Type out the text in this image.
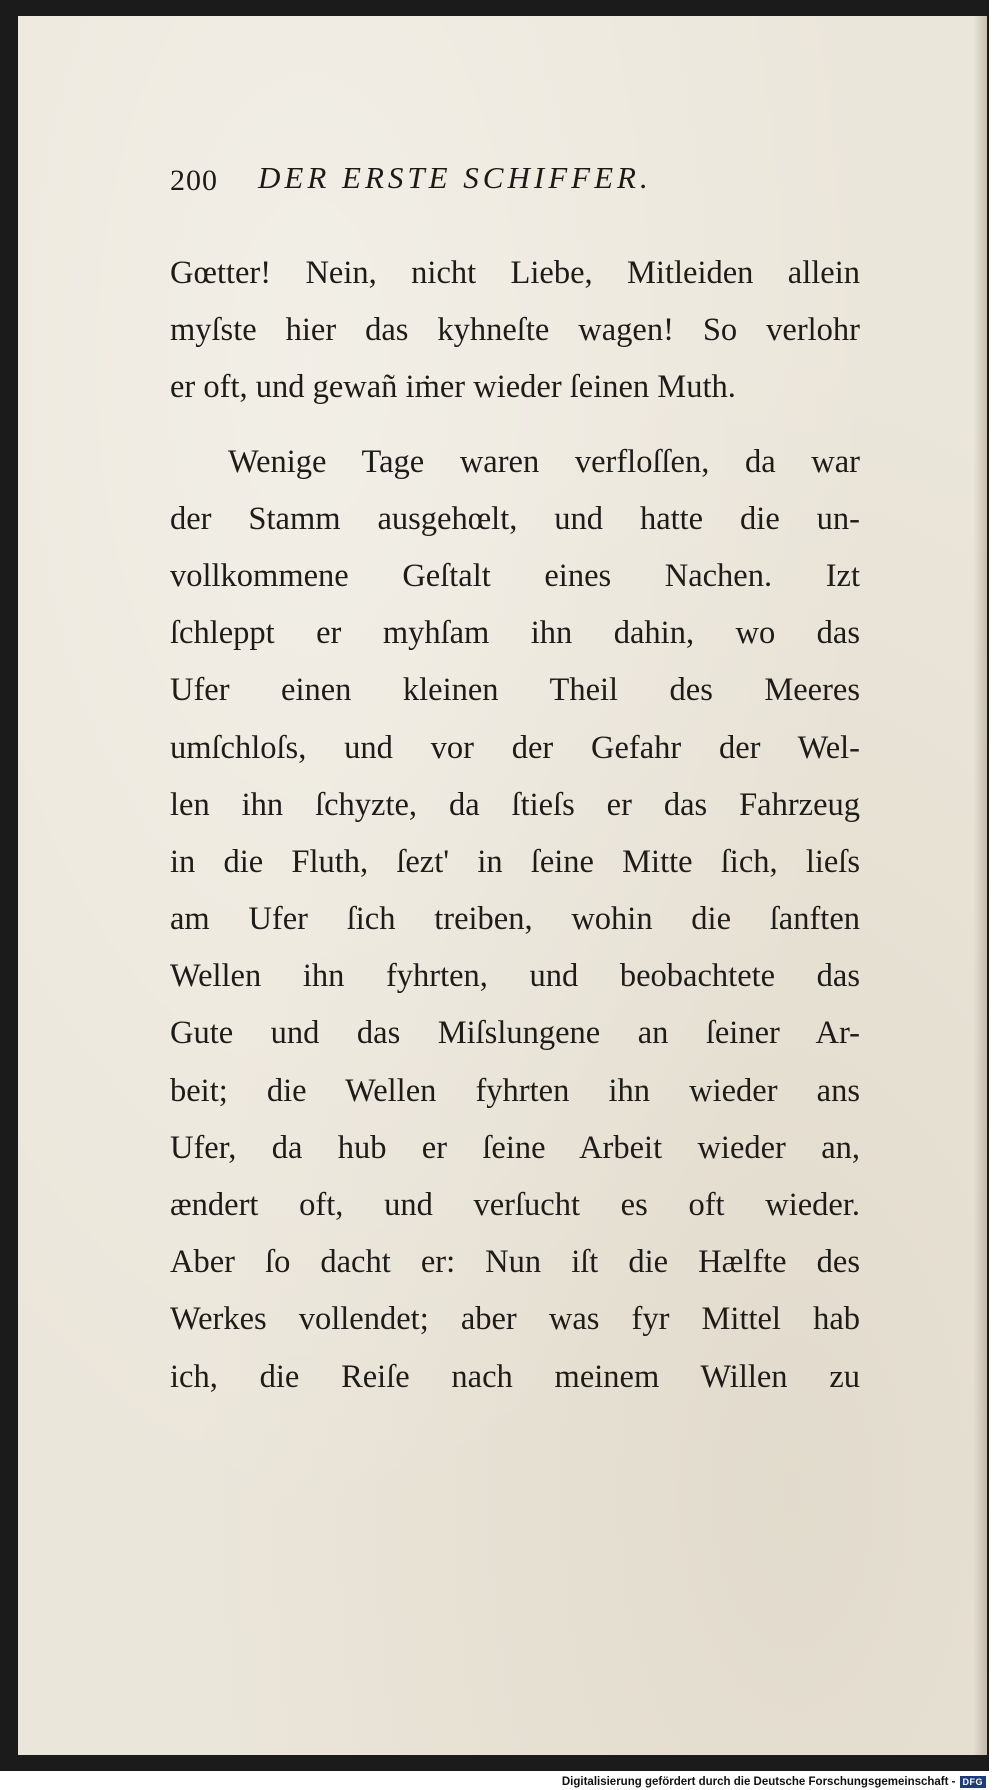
200 DER ERSTE SCHIFFER.
Gœtter! Nein, nicht Liebe, Mitleiden allein
myſste hier das kyhneſte wagen! So verlohr
er oft, und gewañ iṁer wieder ſeinen Muth.
Wenige Tage waren verfloſſen, da war
der Stamm ausgehœlt, und hatte die un-
vollkommene Geſtalt eines Nachen. Izt
ſchleppt er myhſam ihn dahin, wo das
Ufer einen kleinen Theil des Meeres
umſchloſs, und vor der Gefahr der Wel-
len ihn ſchyzte, da ſtieſs er das Fahrzeug
in die Fluth, ſezt' in ſeine Mitte ſich, lieſs
am Ufer ſich treiben, wohin die ſanften
Wellen ihn fyhrten, und beobachtete das
Gute und das Miſslungene an ſeiner Ar-
beit; die Wellen fyhrten ihn wieder ans
Ufer, da hub er ſeine Arbeit wieder an,
ændert oft, und verſucht es oft wieder.
Aber ſo dacht er: Nun iſt die Hælfte des
Werkes vollendet; aber was fyr Mittel hab
ich, die Reiſe nach meinem Willen zu
Digitalisierung gefördert durch die Deutsche Forschungsgemeinschaft - DFG
